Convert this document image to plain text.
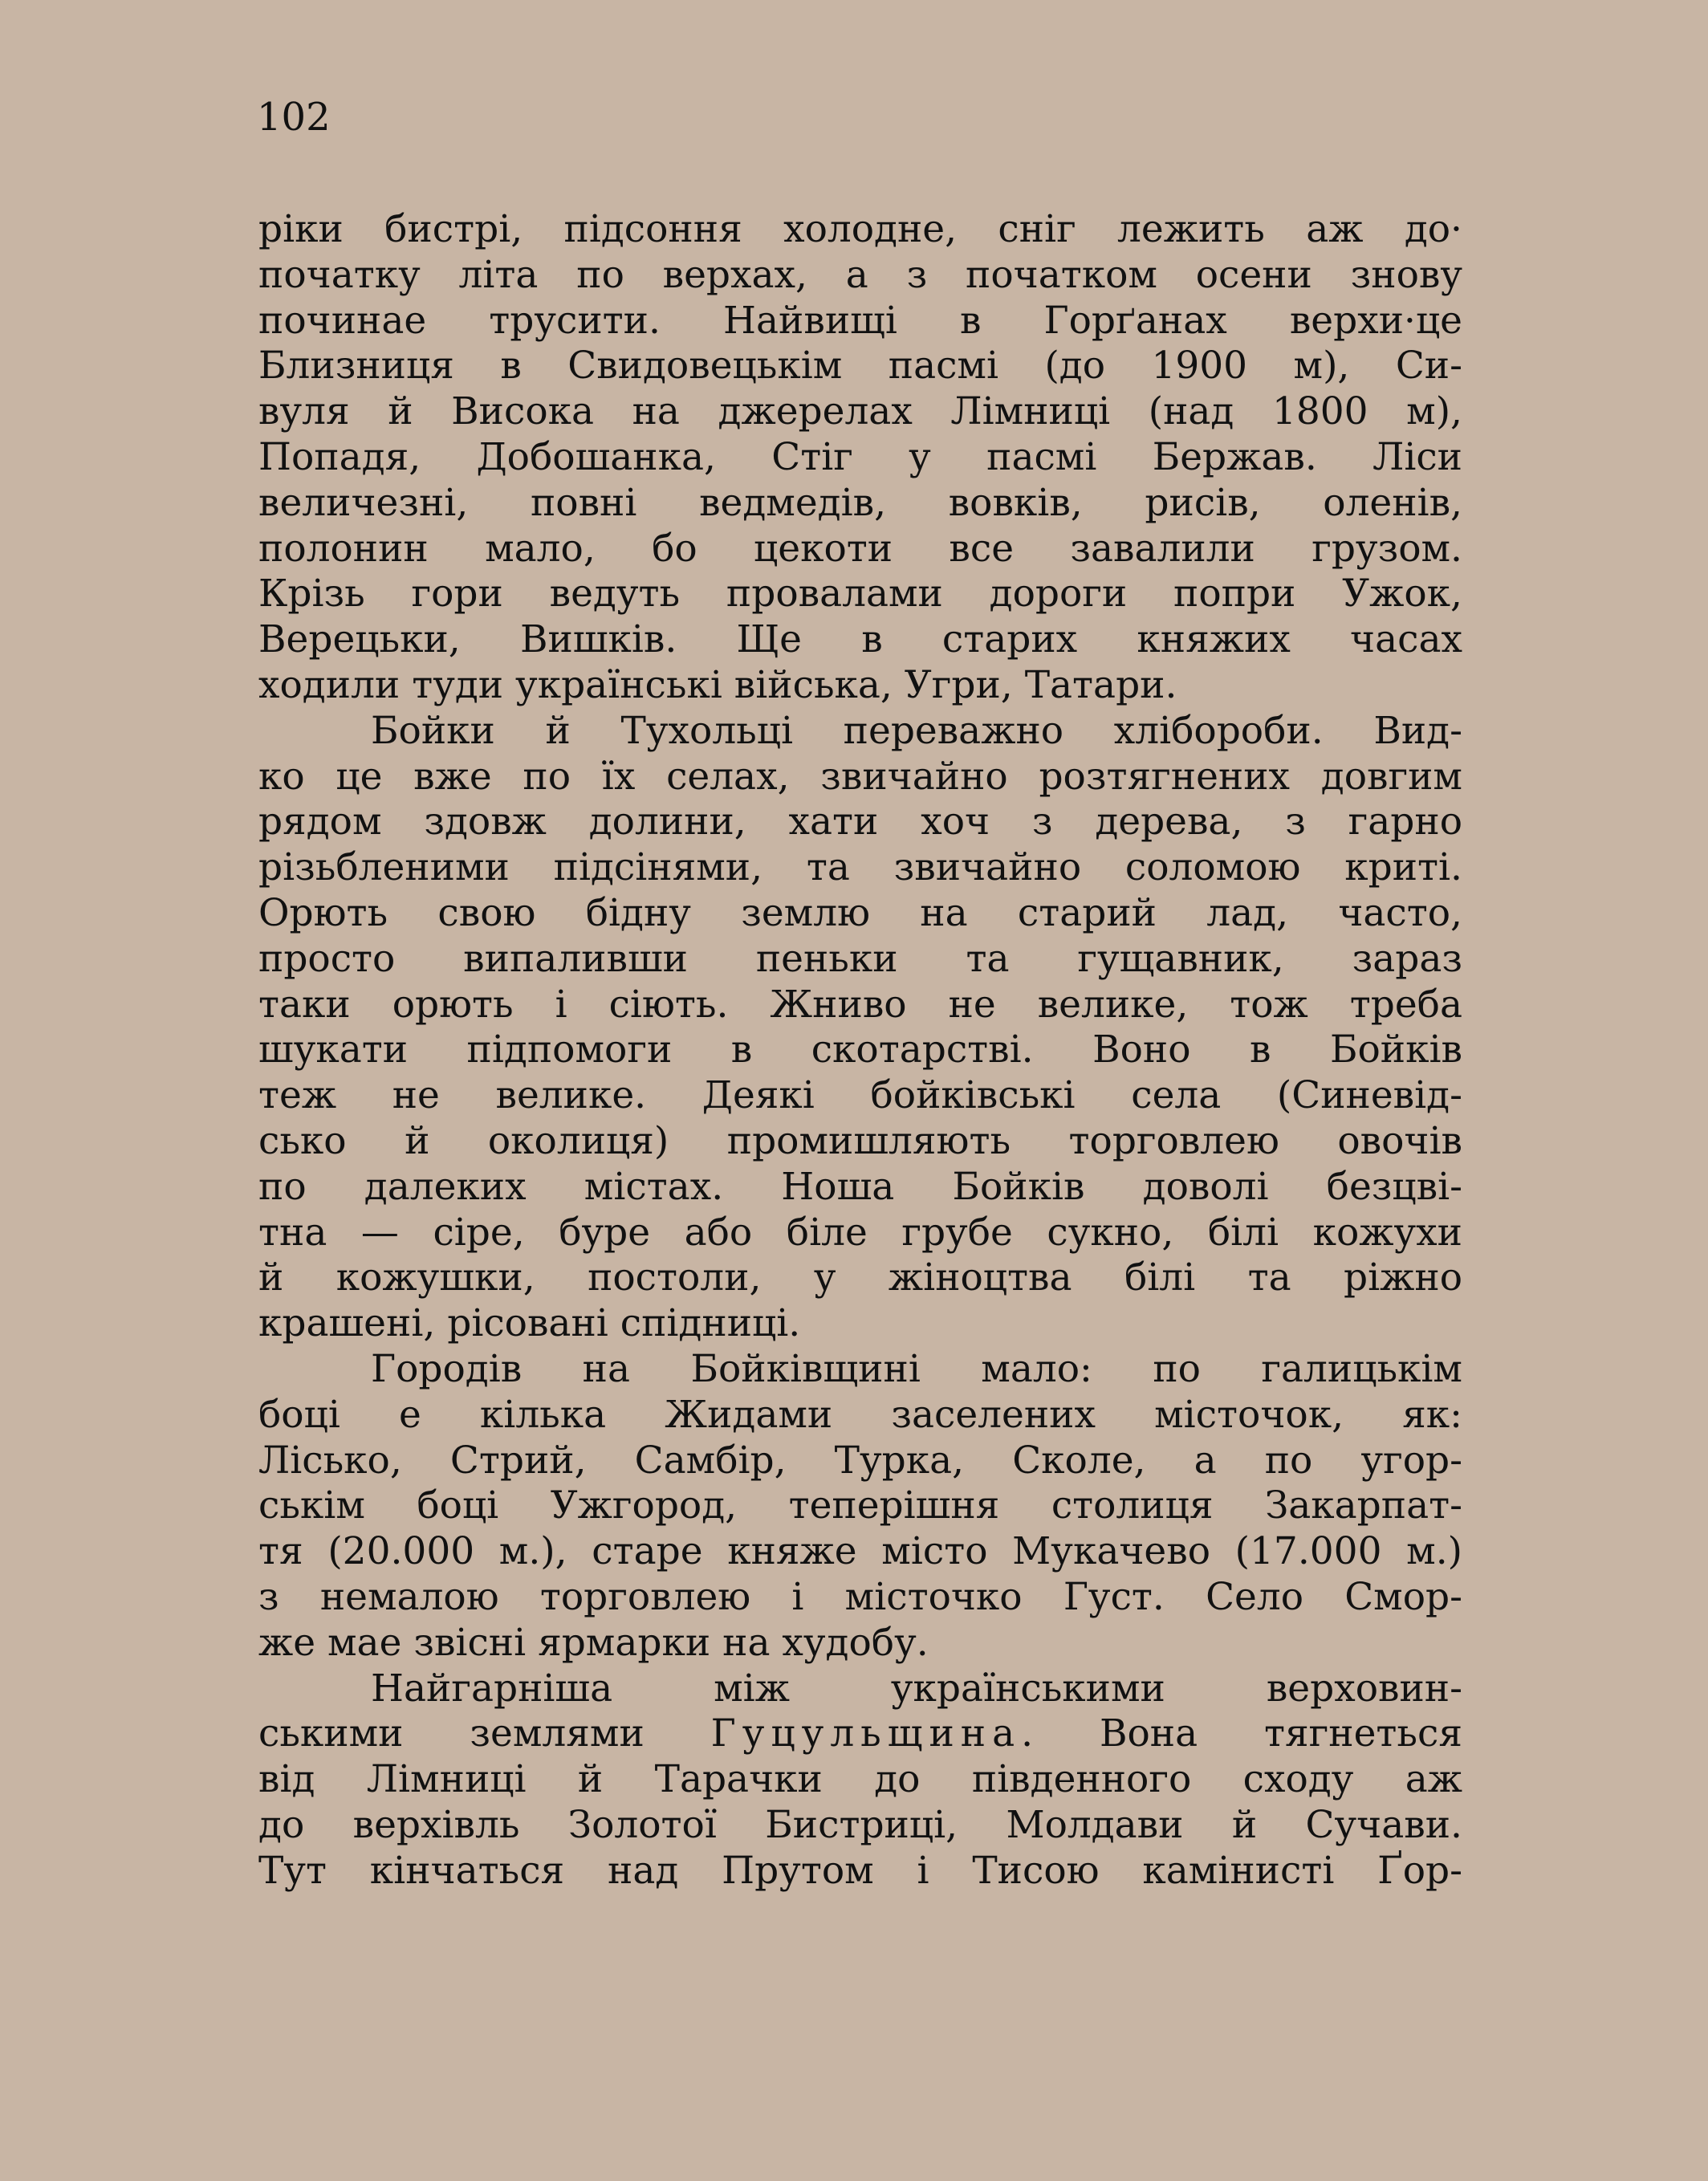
102
ріки бистрі, підсоння холодне, сніг лежить аж до·
початку літа по верхах, а з початком осени знову
починае трусити. Найвищі в Горґанах верхи·це
Близниця в Свидовецькім пасмі (до 1900 м), Си-
вуля й Висока на джерелах Лімниці (над 1800 м),
Попадя, Добошанка, Стіг у пасмі Бержав. Ліси
величезні, повні ведмедів, вовків, рисів, оленів,
полонин мало, бо цекоти все завалили грузом.
Крізь гори ведуть провалами дороги попри Ужок,
Верецьки, Вишків. Ще в старих княжих часах
ходили туди українські війська, Угри, Татари.
Бойки й Тухольці переважно хлібороби. Вид-
ко це вже по їх селах, звичайно розтягнених довгим
рядом здовж долини, хати хоч з дерева, з гарно
різьбленими підсінями, та звичайно соломою криті.
Орють свою бідну землю на старий лад, часто,
просто випаливши пеньки та гущавник, зараз
таки орють і сіють. Жниво не велике, тож треба
шукати підпомоги в скотарстві. Воно в Бойків
теж не велике. Деякі бойківські села (Синевід-
сько й околиця) промишляють торговлею овочів
по далеких містах. Ноша Бойків доволі безцві-
тна — сіре, буре або біле грубе сукно, білі кожухи
й кожушки, постоли, у жіноцтва білі та ріжно
крашені, рісовані спідниці.
Городів на Бойківщині мало: по галицькім
боці е кілька Жидами заселених місточок, як:
Лісько, Стрий, Самбір, Турка, Сколе, а по угор-
ськім боці Ужгород, теперішня столиця Закарпат-
тя (20.000 м.), старе княже місто Мукачево (17.000 м.)
з немалою торговлею і місточко Густ. Село Смор-
же мае звісні ярмарки на худобу.
Найгарніша між українськими верховин-
ськими землями Гуцульщина. Вона тягнеться
від Лімниці й Тарачки до південного сходу аж
до верхівль Золотої Бистриці, Молдави й Сучави.
Тут кінчаться над Прутом і Тисою камінисті Ґор-
